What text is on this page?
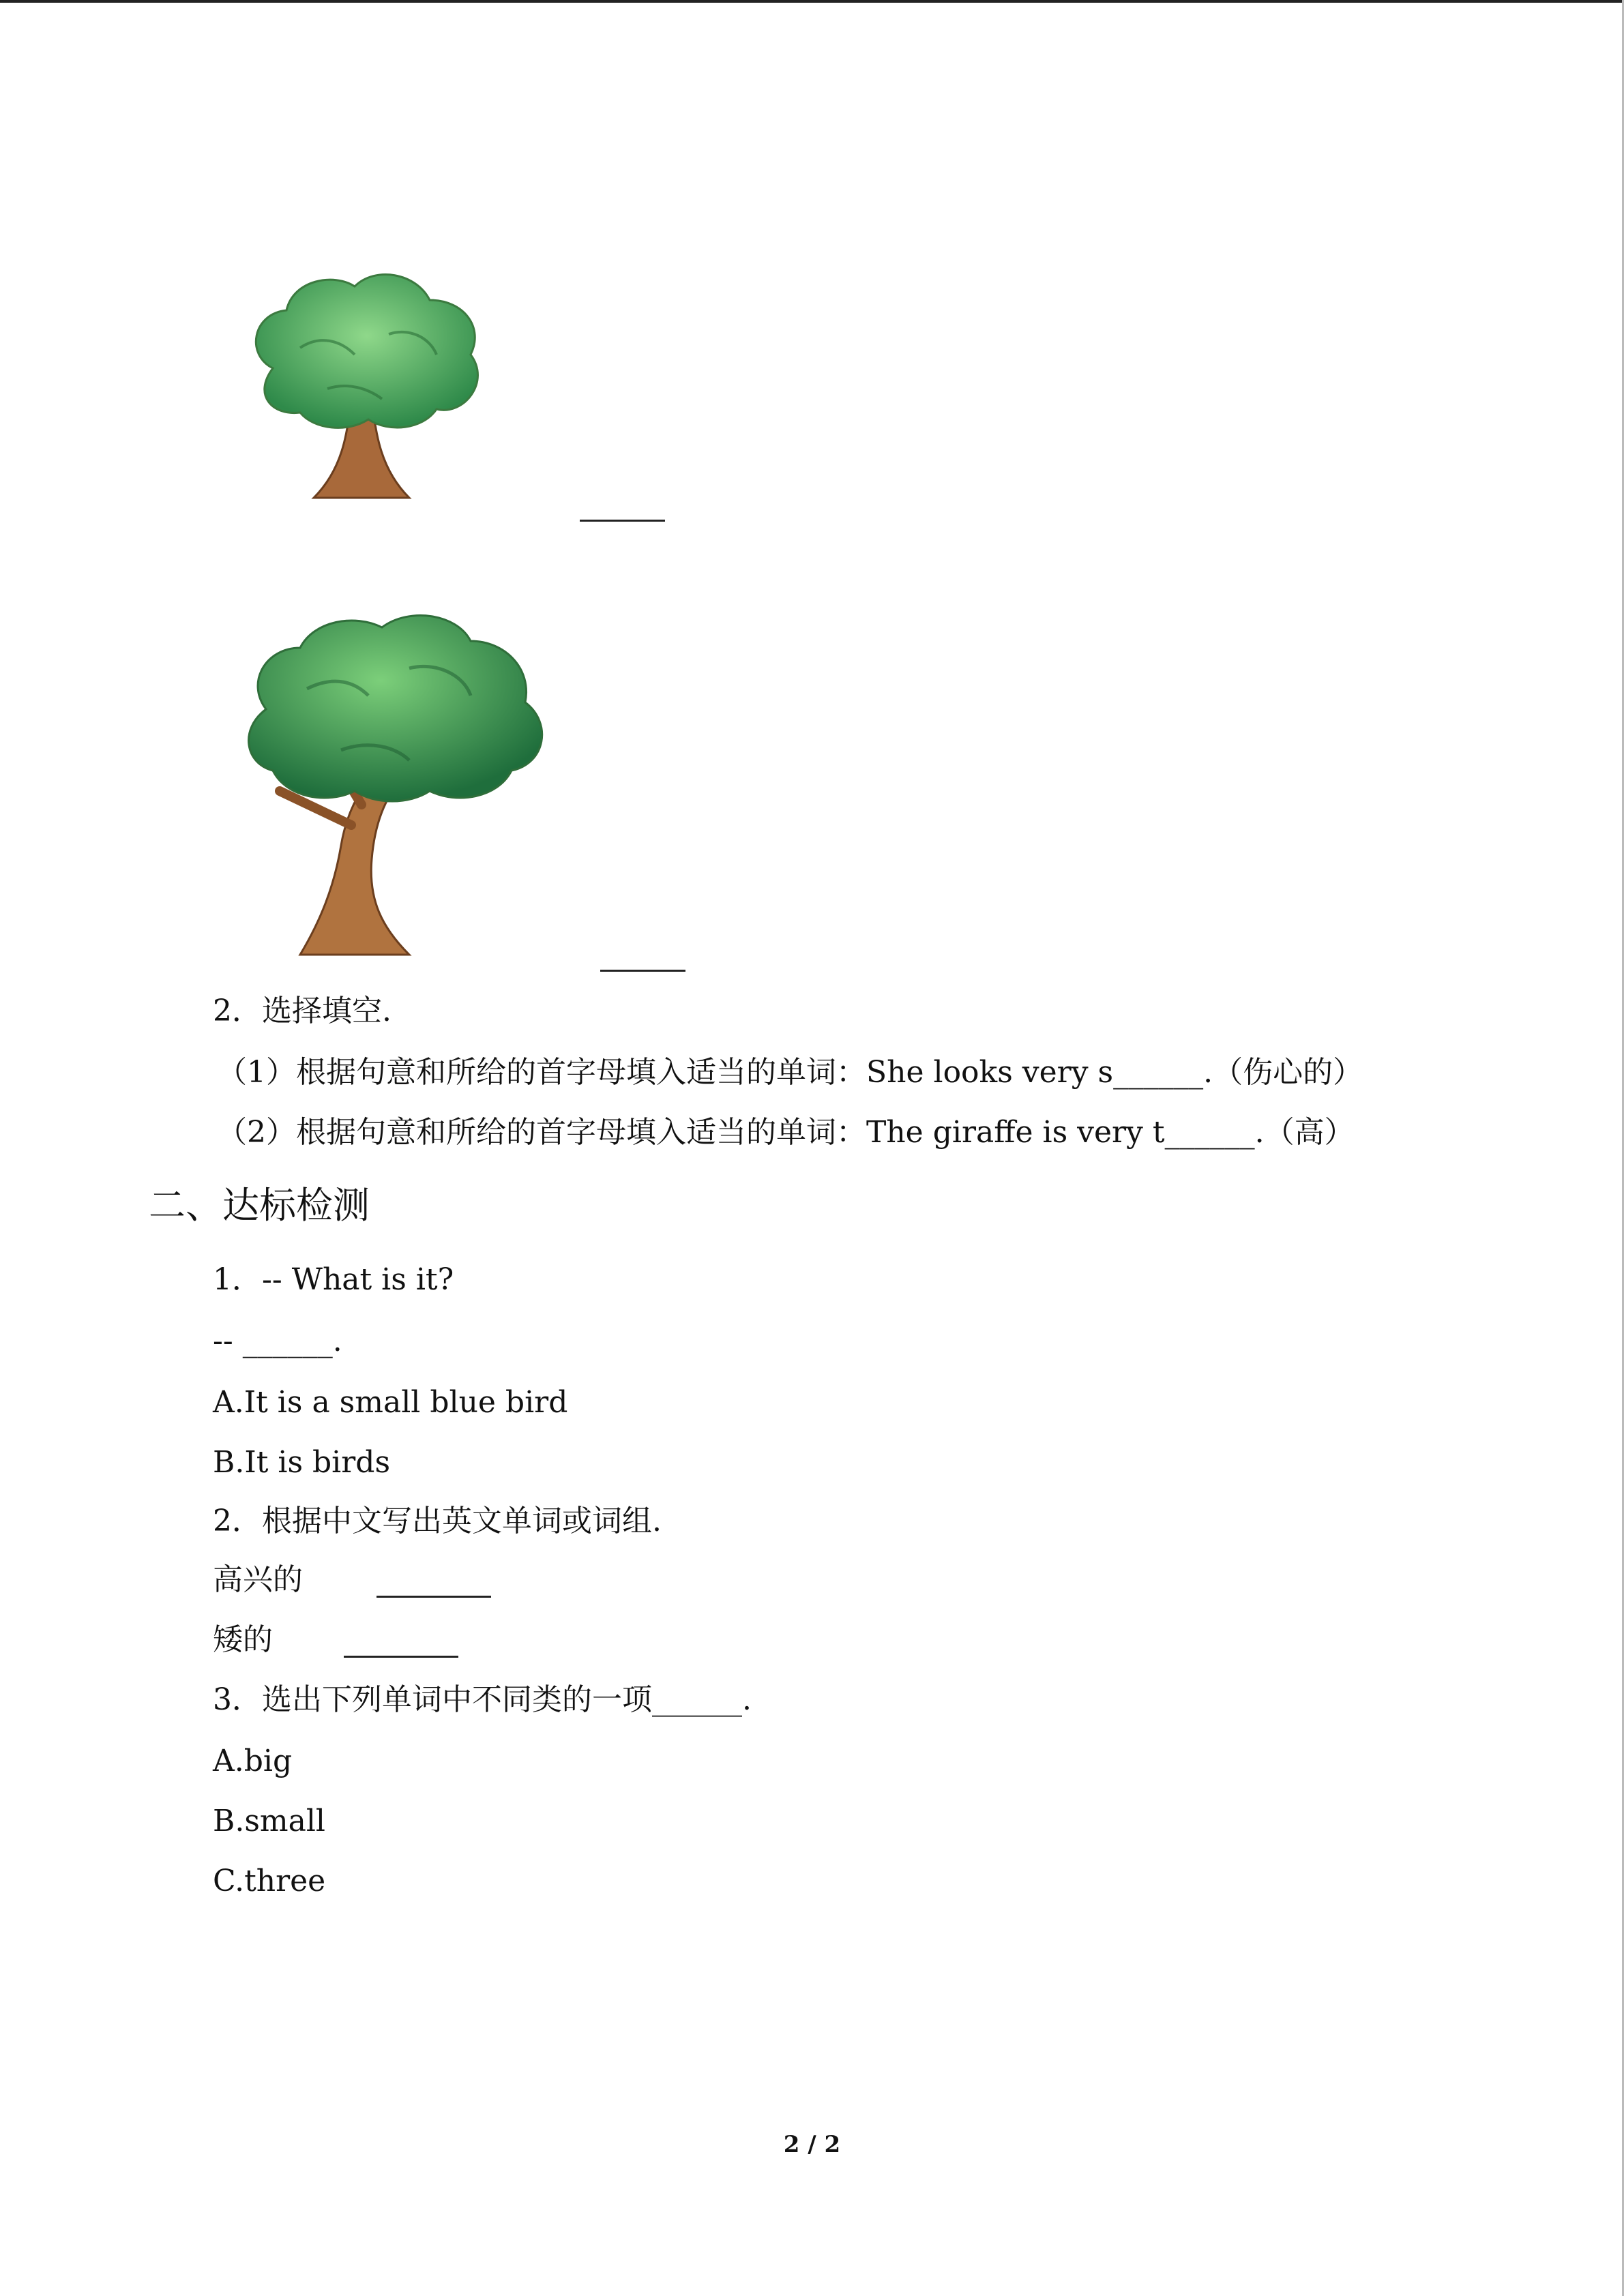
2．选择填空.
（1）根据句意和所给的首字母填入适当的单词：She looks very s______.（伤心的）
（2）根据句意和所给的首字母填入适当的单词：The giraffe is very t______.（高）
二、达标检测
1．-- What is it?
-- ______.
A.It is a small blue bird
B.It is birds
2．根据中文写出英文单词或词组.
高兴的
矮的
3．选出下列单词中不同类的一项______.
A.big
B.small
C.three
2 / 2
